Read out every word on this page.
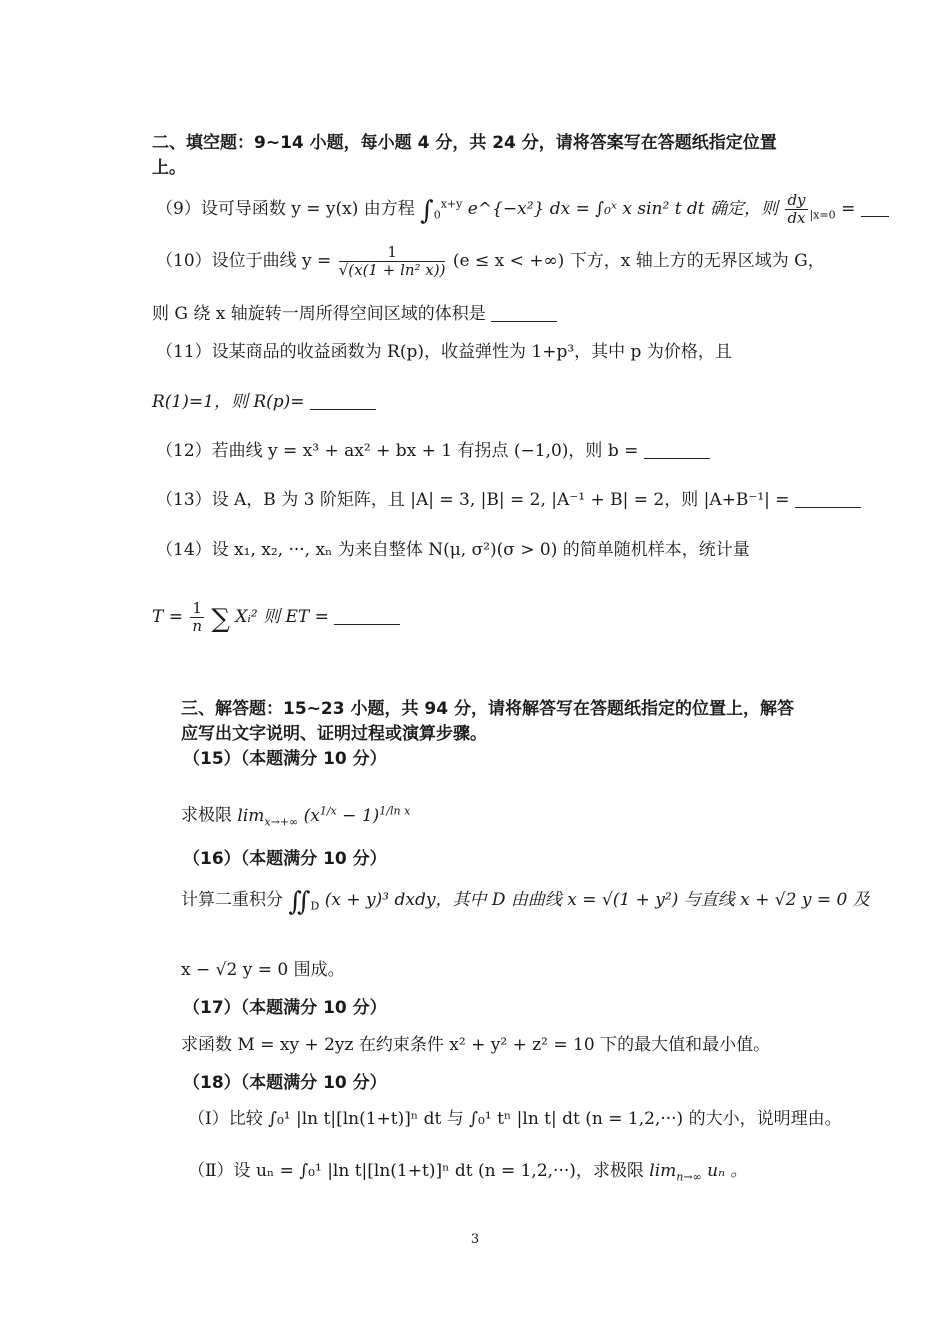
二、填空题：9~14 小题，每小题 4 分，共 24 分，请将答案写在答题纸指定位置
上。
（9）设可导函数 y = y(x) 由方程 $\int_0^{x+y}$ e^{−x²} dx = ∫₀ˣ x sin² t dt 确定，则 $\frac{dy}{dx} _{|x=0}$ =
（10）设位于曲线 $y = \frac{1}{\text{√(x(1 + ln² x))}} (e \le x$ < +∞) 下方，x 轴上方的无界区域为 G，
则 G 绕 x 轴旋转一周所得空间区域的体积是
（11）设某商品的收益函数为 R(p)，收益弹性为 1+p³，其中 p 为价格，且
R(1)=1，则 R(p)=
（12）若曲线 y = x³ + ax² + bx + 1 有拐点 (−1,0)，则 b =
（13）设 A，B 为 3 阶矩阵，且 |A| = 3, |B| = 2, |A⁻¹ + B| = 2，则 |A+B⁻¹| =
（14）设 x₁, x₂, ···, xₙ 为来自整体 N(μ, σ²)(σ > 0) 的简单随机样本，统计量
$T = \frac{1}{n}$ ∑ Xᵢ² 则 ET =
三、解答题：15~23 小题，共 94 分，请将解答写在答题纸指定的位置上，解答
应写出文字说明、证明过程或演算步骤。
（15）（本题满分 10 分）
求极限 $\lim_{x\to+\infty} (x^{1/x} - 1)^{1/ln x}$
（16）（本题满分 10 分）
计算二重积分 $∬_D$ (x + y)³ dxdy，其中 D 由曲线 x = √(1 + y²) 与直线 x + √2 y = 0 及
x − √2 y = 0 围成。
（17）（本题满分 10 分）
求函数 M = xy + 2yz 在约束条件 x² + y² + z² = 10 下的最大值和最小值。
（18）（本题满分 10 分）
（Ⅰ）比较 ∫₀¹ |ln t|[ln(1+t)]ⁿ dt 与 ∫₀¹ tⁿ |ln t| dt (n = 1,2,···) 的大小，说明理由。
（Ⅱ）设 uₙ = ∫₀¹ |ln t|[ln(1+t)]ⁿ dt (n = 1,2,···)，求极限 $\lim_{n\to\infty} u_n$ 。
3
